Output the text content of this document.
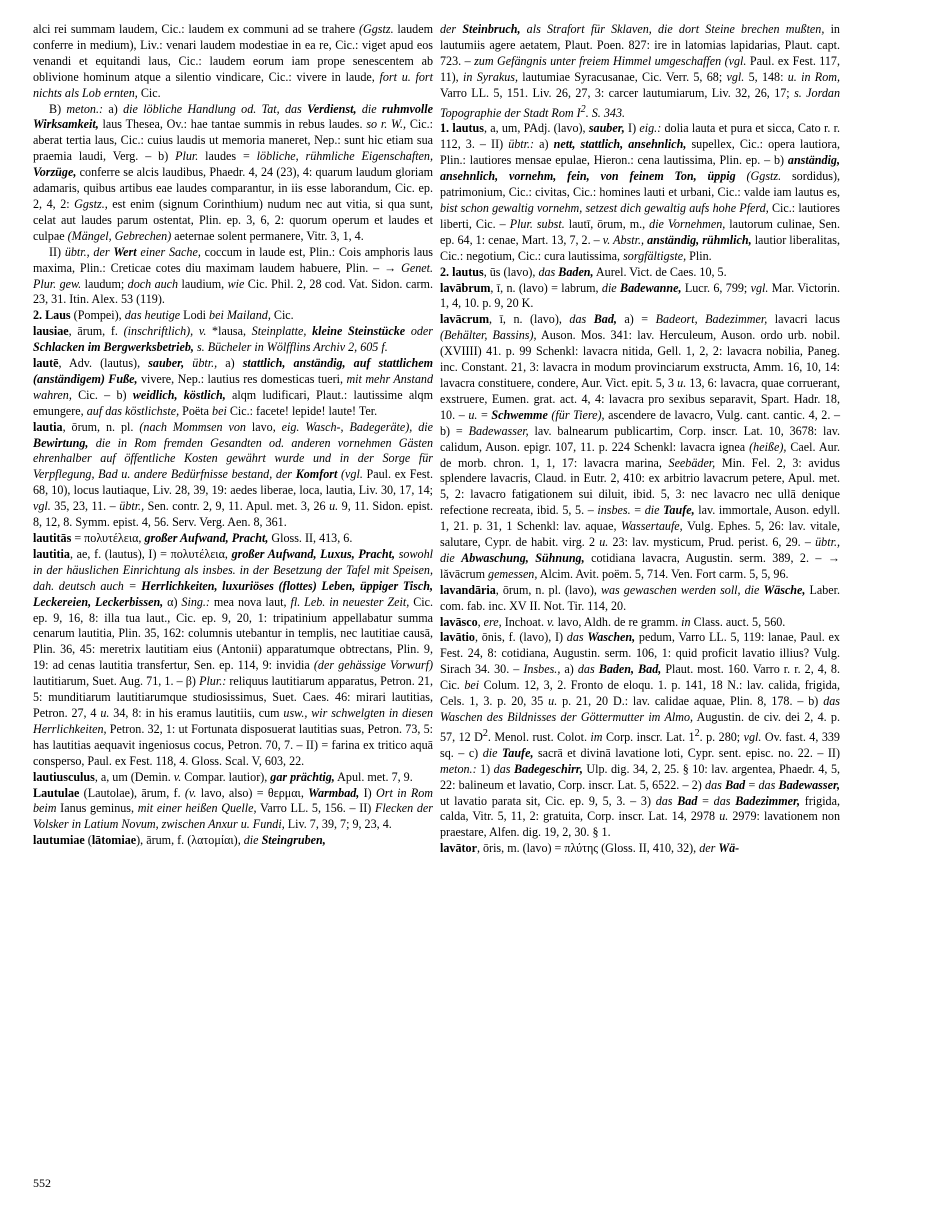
alci rei summam laudem, Cic.: laudem ex communi ad se trahere (Ggstz. laudem conferre in medium), Liv.: venari laudem modestiae in ea re, Cic.: viget apud eos venandi et equitandi laus, Cic.: laudem eorum iam prope senescentem ab oblivione hominum atque a silentio vindicare, Cic.: vivere in laude, fort u. fort nichts als Lob ernten, Cic.

B) meton.: a) die löbliche Handlung od. Tat, das Verdienst, die ruhmvolle Wirksamkeit, laus Thesea, Ov.: hae tantae summis in rebus laudes. so r. W., Cic.: aberat tertia laus, Cic.: cuius laudis ut memoria maneret, Nep.: sunt hic etiam sua praemia laudi, Verg. – b) Plur. laudes = löbliche, rühmliche Eigenschaften, Vorzüge, conferre se alcis laudibus, Phaedr. 4, 24 (23), 4: quarum laudum gloriam adamaris, quibus artibus eae laudes comparantur, in iis esse laborandum, Cic. ep. 2, 4, 2: Ggstz., est enim (signum Corinthium) nudum nec aut vitia, si qua sunt, celat aut laudes parum ostentat, Plin. ep. 3, 6, 2: quorum operum et laudes et culpae (Mängel, Gebrechen) aeternae solent permanere, Vitr. 3, 1, 4.

II) übtr., der Wert einer Sache, coccum in laude est, Plin.: Cois amphoris laus maxima, Plin.: Creticae cotes diu maximam laudem habuere, Plin. – → Genet. Plur. gew. laudum; doch auch laudium, wie Cic. Phil. 2, 28 cod. Vat. Sidon. carm. 23, 31. Itin. Alex. 53 (119).

2. Laus (Pompei), das heutige Lodi bei Mailand, Cic.

lausiae, ārum, f. (inschriftlich), v. *lausa, Steinplatte, kleine Steinstücke oder Schlacken im Bergwerksbetrieb, s. Bücheler in Wölfflins Archiv 2, 605 f.

lautē, Adv. (lautus), sauber, übtr., a) stattlich, anständig, auf stattlichem (anständigem) Fuße, vivere, Nep.: lautius res domesticas tueri, mit mehr Anstand wahren, Cic. – b) weidlich, köstlich, alqm ludificari, Plaut.: lautissime alqm emungere, auf das köstlichste, Poëta bei Cic.: facete! lepide! laute! Ter.

lautia, ōrum, n. pl. (nach Mommsen von lavo, eig. Wasch-, Badegeräte), die Bewirtung, die in Rom fremden Gesandten od. anderen vornehmen Gästen ehrenhalber auf öffentliche Kosten gewährt wurde und in der Sorge für Verpflegung, Bad u. andere Bedürfnisse bestand, der Komfort (vgl. Paul. ex Fest. 68, 10), locus lautiaque, Liv. 28, 39, 19: aedes liberae, loca, lautia, Liv. 30, 17, 14; vgl. 35, 23, 11. – übtr., Sen. contr. 2, 9, 11. Apul. met. 3, 26 u. 9, 11. Sidon. epist. 8, 12, 8. Symm. epist. 4, 56. Serv. Verg. Aen. 8, 361.

lautitās = πολυτέλεια, großer Aufwand, Pracht, Gloss. II, 413, 6.

lautitia, ae, f. (lautus), I) = πολυτέλεια, großer Aufwand, Luxus, Pracht, sowohl in der häuslichen Einrichtung als insbes. in der Besetzung der Tafel mit Speisen, dah. deutsch auch = Herrlichkeiten, luxuriöses (flottes) Leben, üppiger Tisch, Leckereien, Leckerbissen, α) Sing.: mea nova laut, fl. Leb. in neuester Zeit, Cic. ep. 9, 16, 8: illa tua laut., Cic. ep. 9, 20, 1: tripatinium appellabatur summa cenarum lautitia, Plin. 35, 162: columnis utebantur in templis, nec lautitiae causā, Plin. 36, 45: meretrix lautitiam eius (Antonii) apparatumque obtrectans, Plin. 9, 19: ad cenas lautitia transfertur, Sen. ep. 114, 9: invidia (der gehässige Vorwurf) lautitiarum, Suet. Aug. 71, 1. – β) Plur.: reliquus lautitiarum apparatus, Petron. 21, 5: munditiarum lautitiarumque studiosissimus, Suet. Caes. 46: mirari lautitias, Petron. 27, 4 u. 34, 8: in his eramus lautitiis, cum usw., wir schwelgten in diesen Herrlichkeiten, Petron. 32, 1: ut Fortunata disposuerat lautitias suas, Petron. 73, 5: has lautitias aequavit ingeniosus cocus, Petron. 70, 7. – II) = farina ex tritico aquā consperso, Paul. ex Fest. 118, 4. Gloss. Scal. V, 603, 22.

lautiusculus, a, um (Demin. v. Compar. lautior), gar prächtig, Apul. met. 7, 9.

Lautulae (Lautolae), ārum, f. (v. lavo, also) = θερμαι, Warmbad, I) Ort in Rom beim Ianus geminus, mit einer heißen Quelle, Varro LL. 5, 156. – II) Flecken der Volsker in Latium Novum, zwischen Anxur u. Fundi, Liv. 7, 39, 7; 9, 23, 4.

lautumiae (lātomiae), ārum, f. (λατομίαι), die Steingruben,

der Steinbruch, als Strafort für Sklaven, die dort Steine brechen mußten, in lautumiis agere aetatem, Plaut. Poen. 827: ire in latomias lapidarias, Plaut. capt. 723. – zum Gefängnis unter freiem Himmel umgeschaffen (vgl. Paul. ex Fest. 117, 11), in Syrakus, lautumiae Syracusanae, Cic. Verr. 5, 68; vgl. 5, 148: u. in Rom, Varro LL. 5, 151. Liv. 26, 27, 3: carcer lautumiarum, Liv. 32, 26, 17; s. Jordan Topographie der Stadt Rom $I^2$. S. 343.

1. lautus, a, um, PAdj. (lavo), sauber, I) eig.: dolia lauta et pura et sicca, Cato r. r. 112, 3. – II) übtr.: a) nett, stattlich, ansehnlich, supellex, Cic.: opera lautiora, Plin.: lautiores mensae epulae, Hieron.: cena lautissima, Plin. ep. – b) anständig, ansehnlich, vornehm, fein, von feinem Ton, üppig (Ggstz. sordidus), patrimonium, Cic.: civitas, Cic.: homines lauti et urbani, Cic.: valde iam lautus es, bist schon gewaltig vornehm, setzest dich gewaltig aufs hohe Pferd, Cic.: lautiores liberti, Cic. – Plur. subst. lautī, ōrum, m., die Vornehmen, lautorum culinae, Sen. ep. 64, 1: cenae, Mart. 13, 7, 2. – v. Abstr., anständig, rühmlich, lautior liberalitas, Cic.: negotium, Cic.: cura lautissima, sorgfältigste, Plin.

2. lautus, ūs (lavo), das Baden, Aurel. Vict. de Caes. 10, 5.

lavābrum, ī, n. (lavo) = labrum, die Badewanne, Lucr. 6, 799; vgl. Mar. Victorin. 1, 4, 10. p. 9, 20 K.

lavācrum, ī, n. (lavo), das Bad, a) = Badeort, Badezimmer, lavacri lacus (Behälter, Bassins), Auson. Mos. 341: lav. Herculeum, Auson. ordo urb. nobil. (XVIIII) 41. p. 99 Schenkl: lavacra nitida, Gell. 1, 2, 2: lavacra nobilia, Paneg. inc. Constant. 21, 3: lavacra in modum provinciarum exstructa, Amm. 16, 10, 14: lavacra constituere, condere, Aur. Vict. epit. 5, 3 u. 13, 6: lavacra, quae corruerant, exstruere, Eumen. grat. act. 4, 4: lavacra pro sexibus separavit, Spart. Hadr. 18, 10. – u. = Schwemme (für Tiere), ascendere de lavacro, Vulg. cant. cantic. 4, 2. – b) = Badewasser, lav. balnearum publicartim, Corp. inscr. Lat. 10, 3678: lav. calidum, Auson. epigr. 107, 11. p. 224 Schenkl: lavacra ignea (heiße), Cael. Aur. de morb. chron. 1, 1, 17: lavacra marina, Seebäder, Min. Fel. 2, 3: avidus splendere lavacris, Claud. in Eutr. 2, 410: ex arbitrio lavacrum petere, Apul. met. 5, 2: lavacro fatigationem sui diluit, ibid. 5, 3: nec lavacro nec ullā denique refectione recreata, ibid. 5, 5. – insbes. = die Taufe, lav. immortale, Auson. edyll. 1, 21. p. 31, 1 Schenkl: lav. aquae, Wassertaufe, Vulg. Ephes. 5, 26: lav. vitale, salutare, Cypr. de habit. virg. 2 u. 23: lav. mysticum, Prud. perist. 6, 29. – übtr., die Abwaschung, Sühnung, cotidiana lavacra, Augustin. serm. 389, 2. – → lăvācrum gemessen, Alcim. Avit. poëm. 5, 714. Ven. Fort carm. 5, 5, 96.

lavandāria, ōrum, n. pl. (lavo), was gewaschen werden soll, die Wäsche, Laber. com. fab. inc. XV II. Not. Tir. 114, 20.

lavāsco, ere, Inchoat. v. lavo, Aldh. de re gramm. in Class. auct. 5, 560.

lavātio, ōnis, f. (lavo), I) das Waschen, pedum, Varro LL. 5, 119: lanae, Paul. ex Fest. 24, 8: cotidiana, Augustin. serm. 106, 1: quid proficit lavatio illius? Vulg. Sirach 34. 30. – Insbes., a) das Baden, Bad, Plaut. most. 160. Varro r. r. 2, 4, 8. Cic. bei Colum. 12, 3, 2. Fronto de eloqu. 1. p. 141, 18 N.: lav. calida, frigida, Cels. 1, 3. p. 20, 35 u. p. 21, 20 D.: lav. calidae aquae, Plin. 8, 178. – b) das Waschen des Bildnisses der Göttermutter im Almo, Augustin. de civ. dei 2, 4. p. 57, 12 $D^2$. Menol. rust. Colot. im Corp. inscr. Lat. $1^2$. p. 280; vgl. Ov. fast. 4, 339 sq. – c) die Taufe, sacrā et divinā lavatione loti, Cypr. sent. episc. no. 22. – II) meton.: 1) das Badegeschirr, Ulp. dig. 34, 2, 25. § 10: lav. argentea, Phaedr. 4, 5, 22: balineum et lavatio, Corp. inscr. Lat. 5, 6522. – 2) das Bad = das Badewasser, ut lavatio parata sit, Cic. ep. 9, 5, 3. – 3) das Bad = das Badezimmer, frigida, calda, Vitr. 5, 11, 2: gratuita, Corp. inscr. Lat. 14, 2978 u. 2979: lavationem non praestare, Alfen. dig. 19, 2, 30. § 1.

lavātor, ōris, m. (lavo) = πλύτης (Gloss. II, 410, 32), der Wä-

552
